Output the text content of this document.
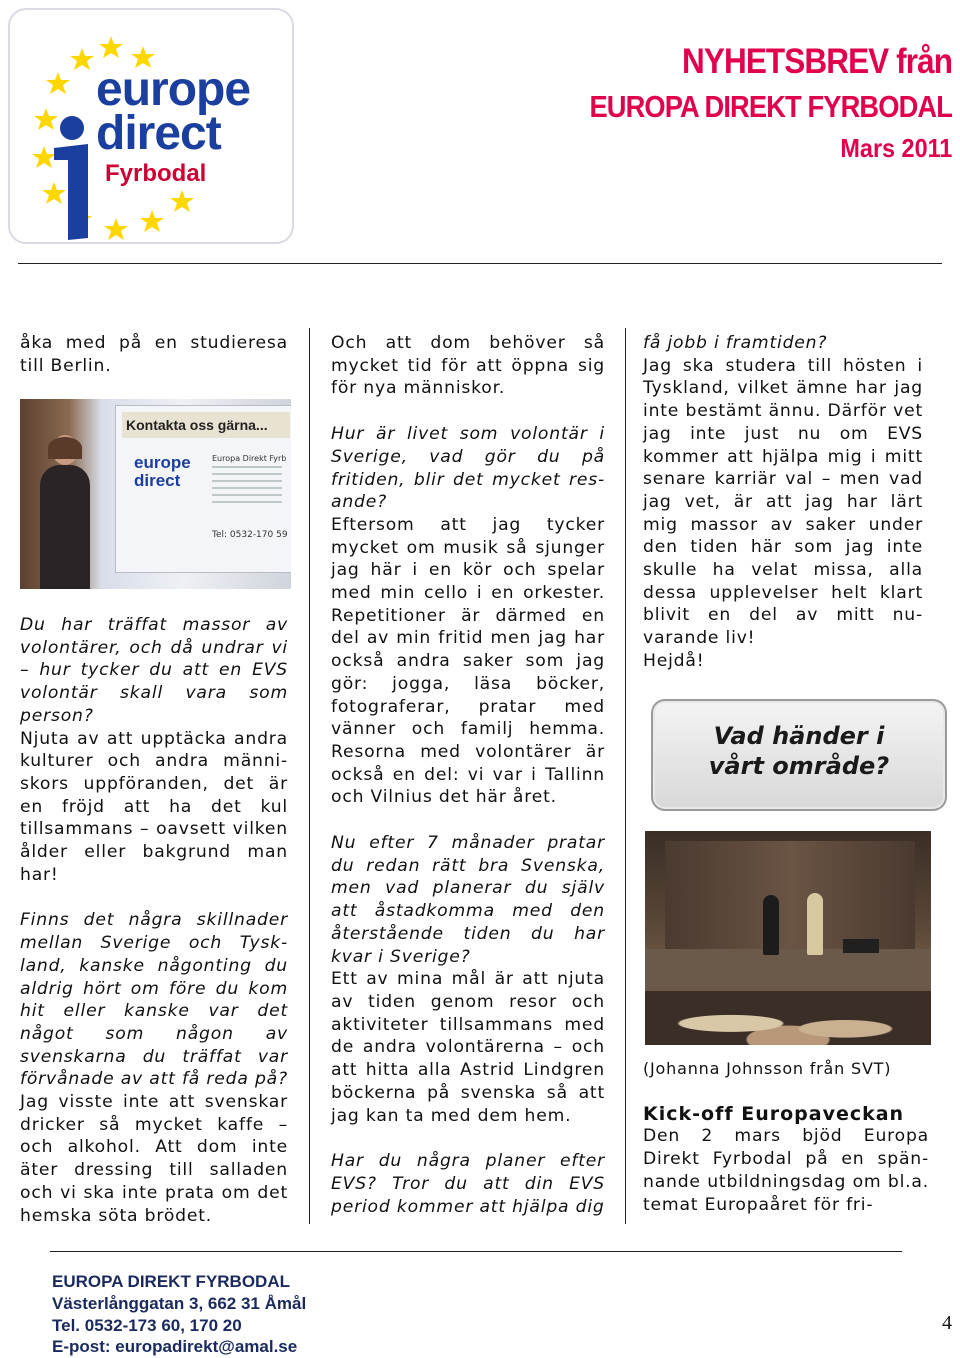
europe
direct
Fyrbodal
NYHETSBREV från
EUROPA DIREKT FYRBODAL
Mars 2011

åka med på en studieresa till Berlin.

Kontakta oss gärna...
europe
direct
Europa Direkt Fyrb
Tel: 0532-170 59

Du har träffat massor av volontärer, och då undrar vi – hur tycker du att en EVS volontär skall vara som person?

Njuta av att upptäcka andra kulturer och andra männi-skors uppföranden, det är en fröjd att ha det kul tillsammans – oavsett vilken ålder eller bakgrund man har!

Finns det några skillnader mellan Sverige och Tysk-land, kanske någonting du aldrig hört om före du kom hit eller kanske var det något som någon av svenskarna du träffat var förvånade av att få reda på?

Jag visste inte att svenskar dricker så mycket kaffe – och alkohol. Att dom inte äter dressing till salladen och vi ska inte prata om det hemska söta brödet.

Och att dom behöver så mycket tid för att öppna sig för nya människor.

Hur är livet som volontär i Sverige, vad gör du på fritiden, blir det mycket res-ande?

Eftersom att jag tycker mycket om musik så sjunger jag här i en kör och spelar med min cello i en orkester. Repetitioner är därmed en del av min fritid men jag har också andra saker som jag gör: jogga, läsa böcker, fotograferar, pratar med vänner och familj hemma. Resorna med volontärer är också en del: vi var i Tallinn och Vilnius det här året.

Nu efter 7 månader pratar du redan rätt bra Svenska, men vad planerar du själv att åstadkomma med den återstående tiden du har kvar i Sverige?

Ett av mina mål är att njuta av tiden genom resor och aktiviteter tillsammans med de andra volontärerna – och att hitta alla Astrid Lindgren böckerna på svenska så att jag kan ta med dem hem.

Har du några planer efter EVS? Tror du att din EVS period kommer att hjälpa dig

få jobb i framtiden?

Jag ska studera till hösten i Tyskland, vilket ämne har jag inte bestämt ännu. Därför vet jag inte just nu om EVS kommer att hjälpa mig i mitt senare karriär val – men vad jag vet, är att jag har lärt mig massor av saker under den tiden här som jag inte skulle ha velat missa, alla dessa upplevelser helt klart blivit en del av mitt nu-varande liv!

Hejdå!

Vad händer i
vårt område?

(Johanna Johnsson från SVT)

Kick-off Europaveckan

Den 2 mars bjöd Europa Direkt Fyrbodal på en spän-nande utbildningsdag om bl.a. temat Europaåret för fri-

EUROPA DIREKT FYRBODAL
Västerlånggatan 3, 662 31 Åmål
Tel. 0532-173 60, 170 20
E-post: europadirekt@amal.se
4
